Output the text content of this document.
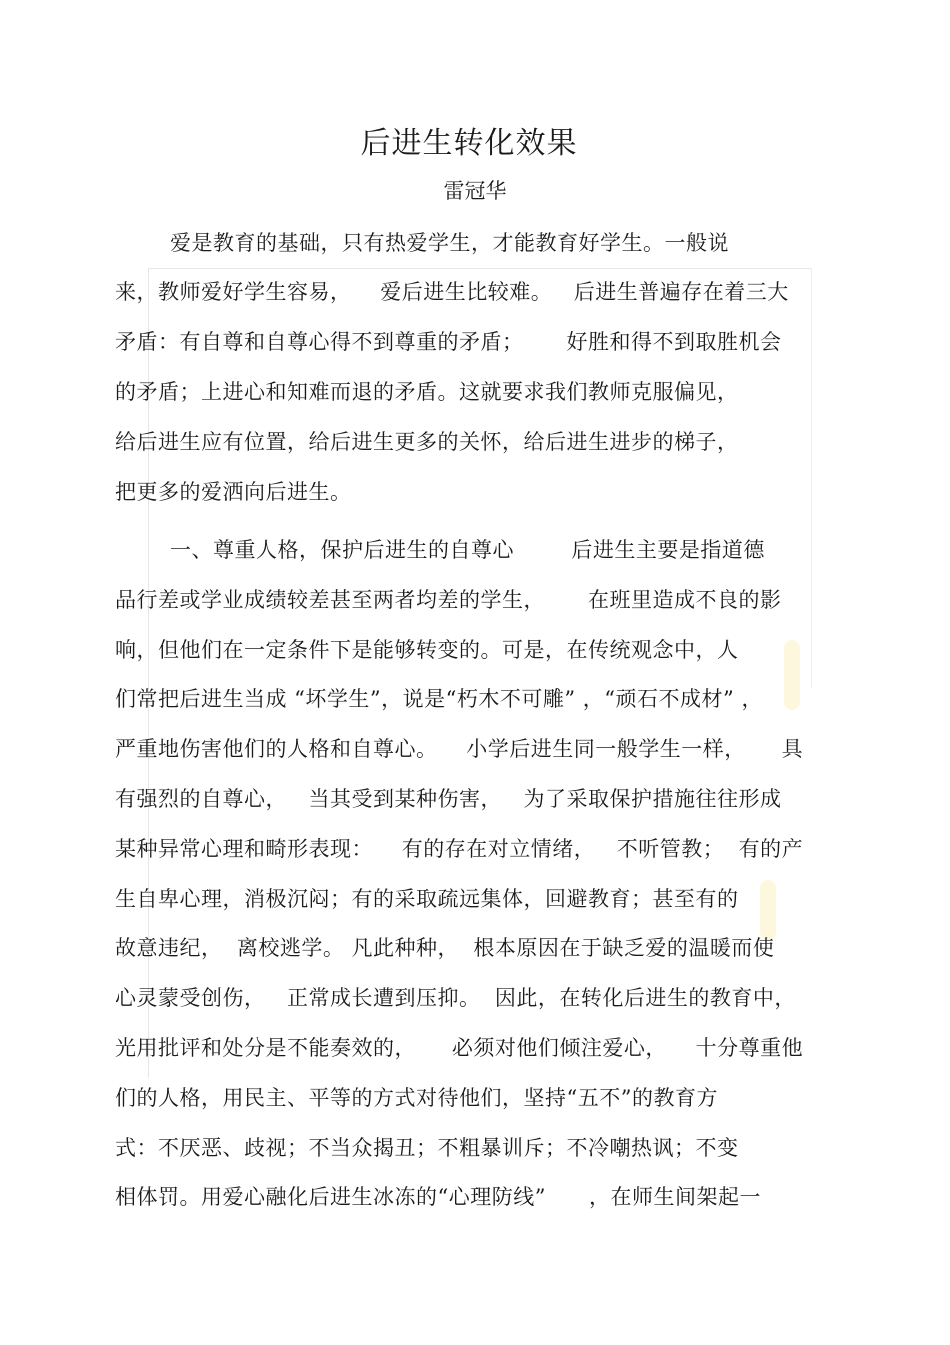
后进生转化效果
雷冠华
爱是教育的基础，只有热爱学生，才能教育好学生。一般说
来，教师爱好学生容易，    爱后进生比较难。   后进生普遍存在着三大
矛盾：有自尊和自尊心得不到尊重的矛盾；      好胜和得不到取胜机会
的矛盾；上进心和知难而退的矛盾。这就要求我们教师克服偏见，
给后进生应有位置，给后进生更多的关怀，给后进生进步的梯子，
把更多的爱洒向后进生。
一、尊重人格，保护后进生的自尊心        后进生主要是指道德
品行差或学业成绩较差甚至两者均差的学生，      在班里造成不良的影
响，但他们在一定条件下是能够转变的。可是，在传统观念中，人
们常把后进生当成 “坏学生”，说是“朽木不可雕” ，“顽石不成材” ，
严重地伤害他们的人格和自尊心。    小学后进生同一般学生一样，     具
有强烈的自尊心，   当其受到某种伤害，   为了采取保护措施往往形成
某种异常心理和畸形表现：    有的存在对立情绪，   不听管教；  有的产
生自卑心理，消极沉闷；有的采取疏远集体，回避教育；甚至有的
故意违纪，  离校逃学。 凡此种种，  根本原因在于缺乏爱的温暖而使
心灵蒙受创伤，   正常成长遭到压抑。  因此，在转化后进生的教育中，
光用批评和处分是不能奏效的，     必须对他们倾注爱心，    十分尊重他
们的人格，用民主、平等的方式对待他们，坚持“五不”的教育方
式：不厌恶、歧视；不当众揭丑；不粗暴训斥；不冷嘲热讽；不变
相体罚。用爱心融化后进生冰冻的“心理防线”      ，在师生间架起一
